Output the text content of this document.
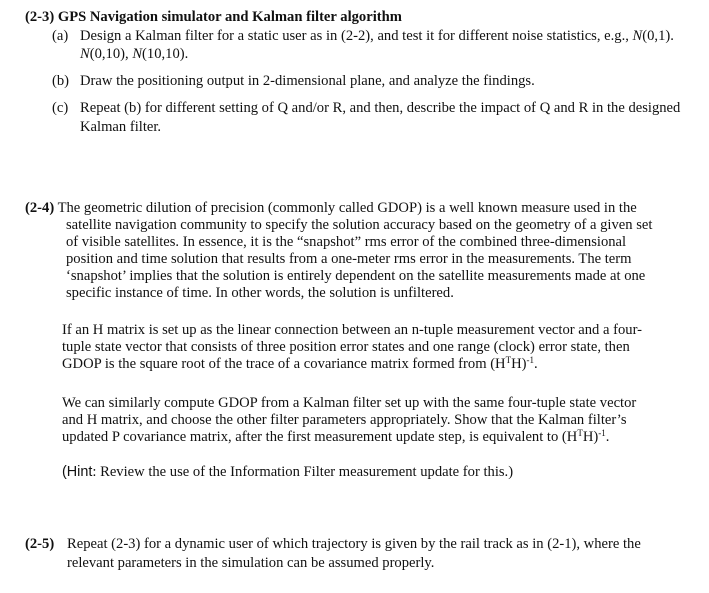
(2-3) GPS Navigation simulator and Kalman filter algorithm
(a) Design a Kalman filter for a static user as in (2-2), and test it for different noise statistics, e.g., N(0,1).
N(0,10), N(10,10).
(b) Draw the positioning output in 2-dimensional plane, and analyze the findings.
(c) Repeat (b) for different setting of Q and/or R, and then, describe the impact of Q and R in the designed
Kalman filter.
(2-4) The geometric dilution of precision (commonly called GDOP) is a well known measure used in the
satellite navigation community to specify the solution accuracy based on the geometry of a given set
of visible satellites. In essence, it is the “snapshot” rms error of the combined three-dimensional
position and time solution that results from a one-meter rms error in the measurements. The term
‘snapshot’ implies that the solution is entirely dependent on the satellite measurements made at one
specific instance of time. In other words, the solution is unfiltered.
If an H matrix is set up as the linear connection between an n-tuple measurement vector and a four-
tuple state vector that consists of three position error states and one range (clock) error state, then
GDOP is the square root of the trace of a covariance matrix formed from $(H^TH)^{-1}$.
We can similarly compute GDOP from a Kalman filter set up with the same four-tuple state vector
and H matrix, and choose the other filter parameters appropriately. Show that the Kalman filter’s
updated P covariance matrix, after the first measurement update step, is equivalent to $(H^TH)^{-1}$.
(Hint: Review the use of the Information Filter measurement update for this.)
(2-5) Repeat (2-3) for a dynamic user of which trajectory is given by the rail track as in (2-1), where the
relevant parameters in the simulation can be assumed properly.
